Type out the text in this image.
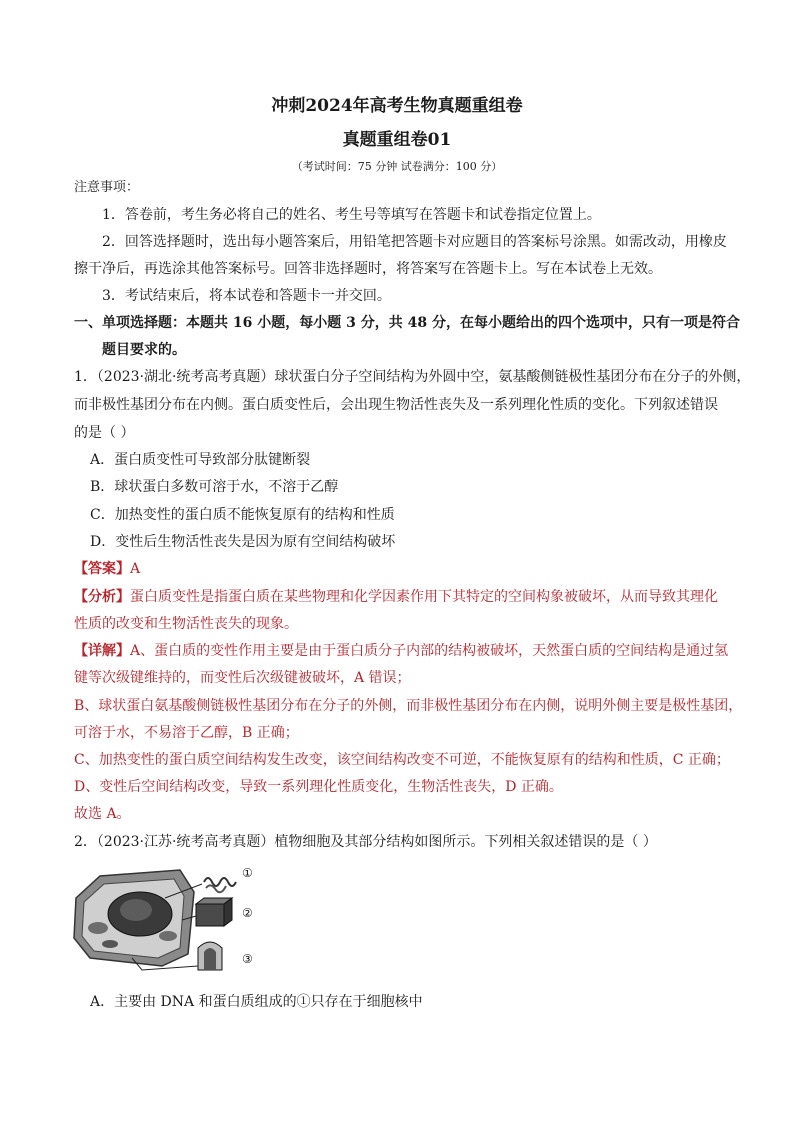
冲刺2024年高考生物真题重组卷
真题重组卷01
（考试时间：75 分钟 试卷满分：100 分）
注意事项：
1．答卷前，考生务必将自己的姓名、考生号等填写在答题卡和试卷指定位置上。
2．回答选择题时，选出每小题答案后，用铅笔把答题卡对应题目的答案标号涂黑。如需改动，用橡皮
擦干净后，再选涂其他答案标号。回答非选择题时，将答案写在答题卡上。写在本试卷上无效。
3．考试结束后，将本试卷和答题卡一并交回。
一、单项选择题：本题共 16 小题，每小题 3 分，共 48 分，在每小题给出的四个选项中，只有一项是符合
题目要求的。
1．（2023·湖北·统考高考真题）球状蛋白分子空间结构为外圆中空，氨基酸侧链极性基团分布在分子的外侧，
而非极性基团分布在内侧。蛋白质变性后，会出现生物活性丧失及一系列理化性质的变化。下列叙述错误
的是（ ）
A．蛋白质变性可导致部分肽键断裂
B．球状蛋白多数可溶于水，不溶于乙醇
C．加热变性的蛋白质不能恢复原有的结构和性质
D．变性后生物活性丧失是因为原有空间结构破坏
【答案】A
【分析】蛋白质变性是指蛋白质在某些物理和化学因素作用下其特定的空间构象被破坏，从而导致其理化
性质的改变和生物活性丧失的现象。
【详解】A、蛋白质的变性作用主要是由于蛋白质分子内部的结构被破坏，天然蛋白质的空间结构是通过氢
键等次级键维持的，而变性后次级键被破坏，A 错误；
B、球状蛋白氨基酸侧链极性基团分布在分子的外侧，而非极性基团分布在内侧，说明外侧主要是极性基团，
可溶于水，不易溶于乙醇，B 正确；
C、加热变性的蛋白质空间结构发生改变，该空间结构改变不可逆，不能恢复原有的结构和性质，C 正确；
D、变性后空间结构改变，导致一系列理化性质变化，生物活性丧失，D 正确。
故选 A。
2．（2023·江苏·统考高考真题）植物细胞及其部分结构如图所示。下列相关叙述错误的是（ ）
①
②
③
A．主要由 DNA 和蛋白质组成的①只存在于细胞核中
